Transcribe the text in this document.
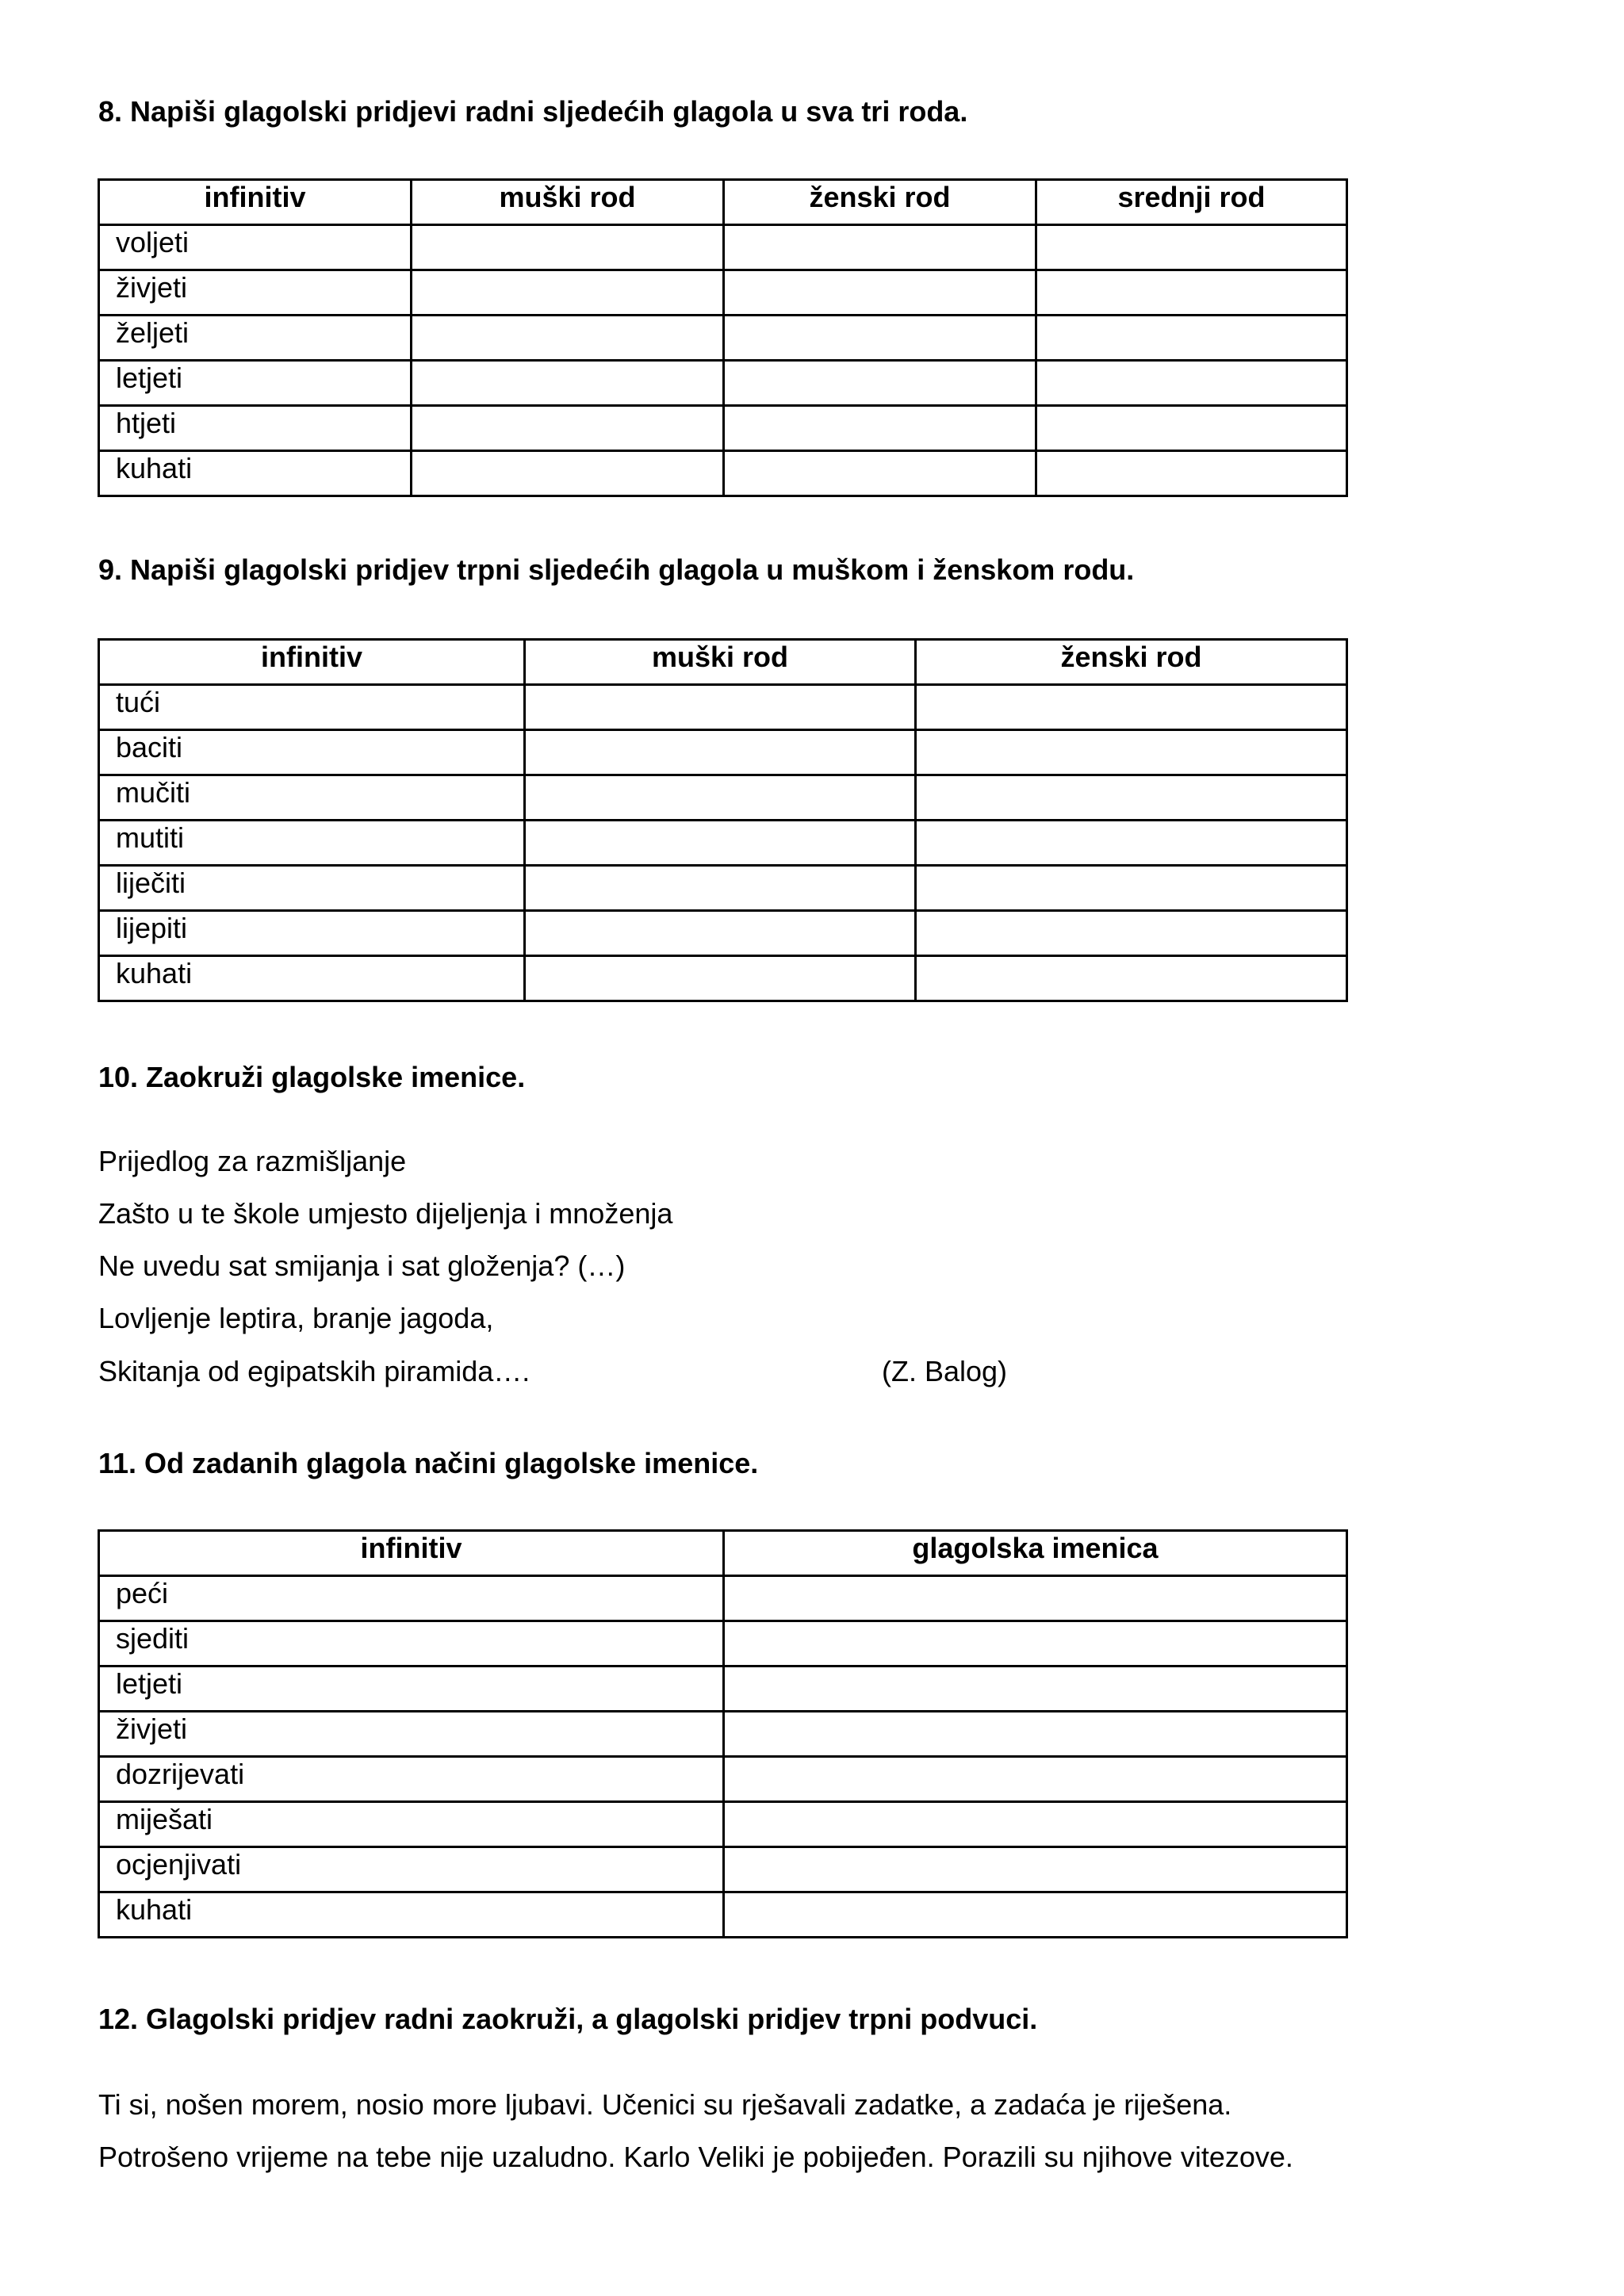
8. Napiši glagolski pridjevi radni sljedećih glagola u sva tri roda.

infinitiv	muški rod	ženski rod	srednji rod
voljeti			
živjeti			
željeti			
letjeti			
htjeti			
kuhati			

9. Napiši glagolski pridjev trpni sljedećih glagola u muškom i ženskom rodu.

infinitiv	muški rod	ženski rod
tući		
baciti		
mučiti		
mutiti		
liječiti		
lijepiti		
kuhati		

10. Zaokruži glagolske imenice.

Prijedlog za razmišljanje
Zašto u te škole umjesto dijeljenja i množenja
Ne uvedu sat smijanja i sat gloženja? (…)
Lovljenje leptira, branje jagoda,
Skitanja od egipatskih piramida….	(Z. Balog)

11. Od zadanih glagola načini glagolske imenice.

infinitiv	glagolska imenica
peći	
sjediti	
letjeti	
živjeti	
dozrijevati	
miješati	
ocjenjivati	
kuhati	

12. Glagolski pridjev radni zaokruži, a glagolski pridjev trpni podvuci.

Ti si, nošen morem, nosio more ljubavi. Učenici su rješavali zadatke, a zadaća je riješena.

Potrošeno vrijeme na tebe nije uzaludno. Karlo Veliki je pobijeđen. Porazili su njihove vitezove.
